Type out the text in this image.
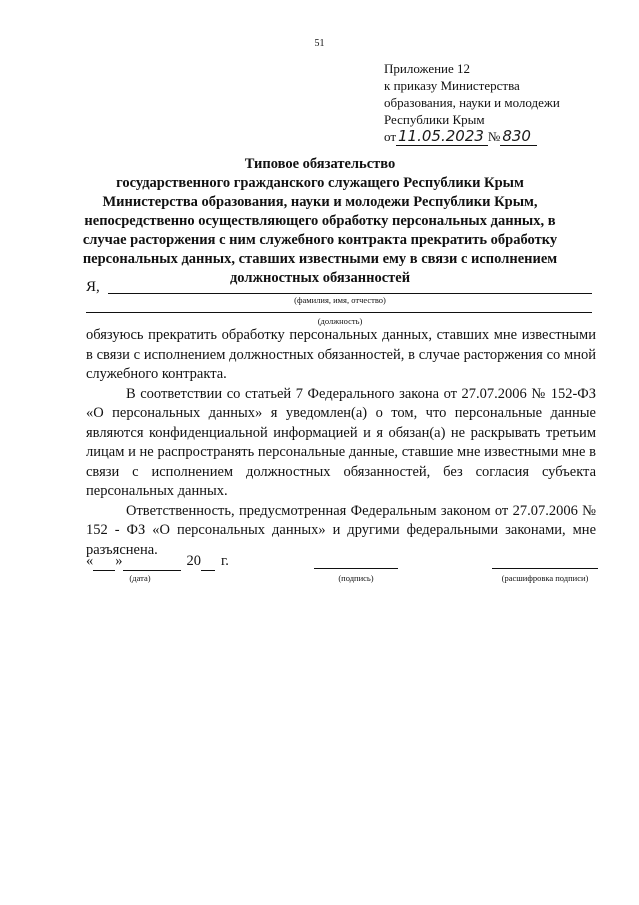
51
Приложение 12
к приказу Министерства
образования, науки и молодежи
Республики Крым
от 11.05.2023 № 830
Типовое обязательство
государственного гражданского служащего Республики Крым
Министерства образования, науки и молодежи Республики Крым,
непосредственно осуществляющего обработку персональных данных, в
случае расторжения с ним служебного контракта прекратить обработку
персональных данных, ставших известными ему в связи с исполнением
должностных обязанностей
Я,
(фамилия, имя, отчество)
(должность)

обязуюсь прекратить обработку персональных данных, ставших мне известными в связи с исполнением должностных обязанностей, в случае расторжения со мной служебного контракта.

В соответствии со статьей 7 Федерального закона от 27.07.2006 № 152-ФЗ «О персональных данных» я уведомлен(а) о том, что персональные данные являются конфиденциальной информацией и я обязан(а) не раскрывать третьим лицам и не распространять персональные данные, ставшие мне известными мне в связи с исполнением должностных обязанностей, без согласия субъекта персональных данных.

Ответственность, предусмотренная Федеральным законом от 27.07.2006 № 152 - ФЗ «О персональных данных» и другими федеральными законами, мне разъяснена.

« »	20 г.
(дата)	(подпись)	(расшифровка подписи)
